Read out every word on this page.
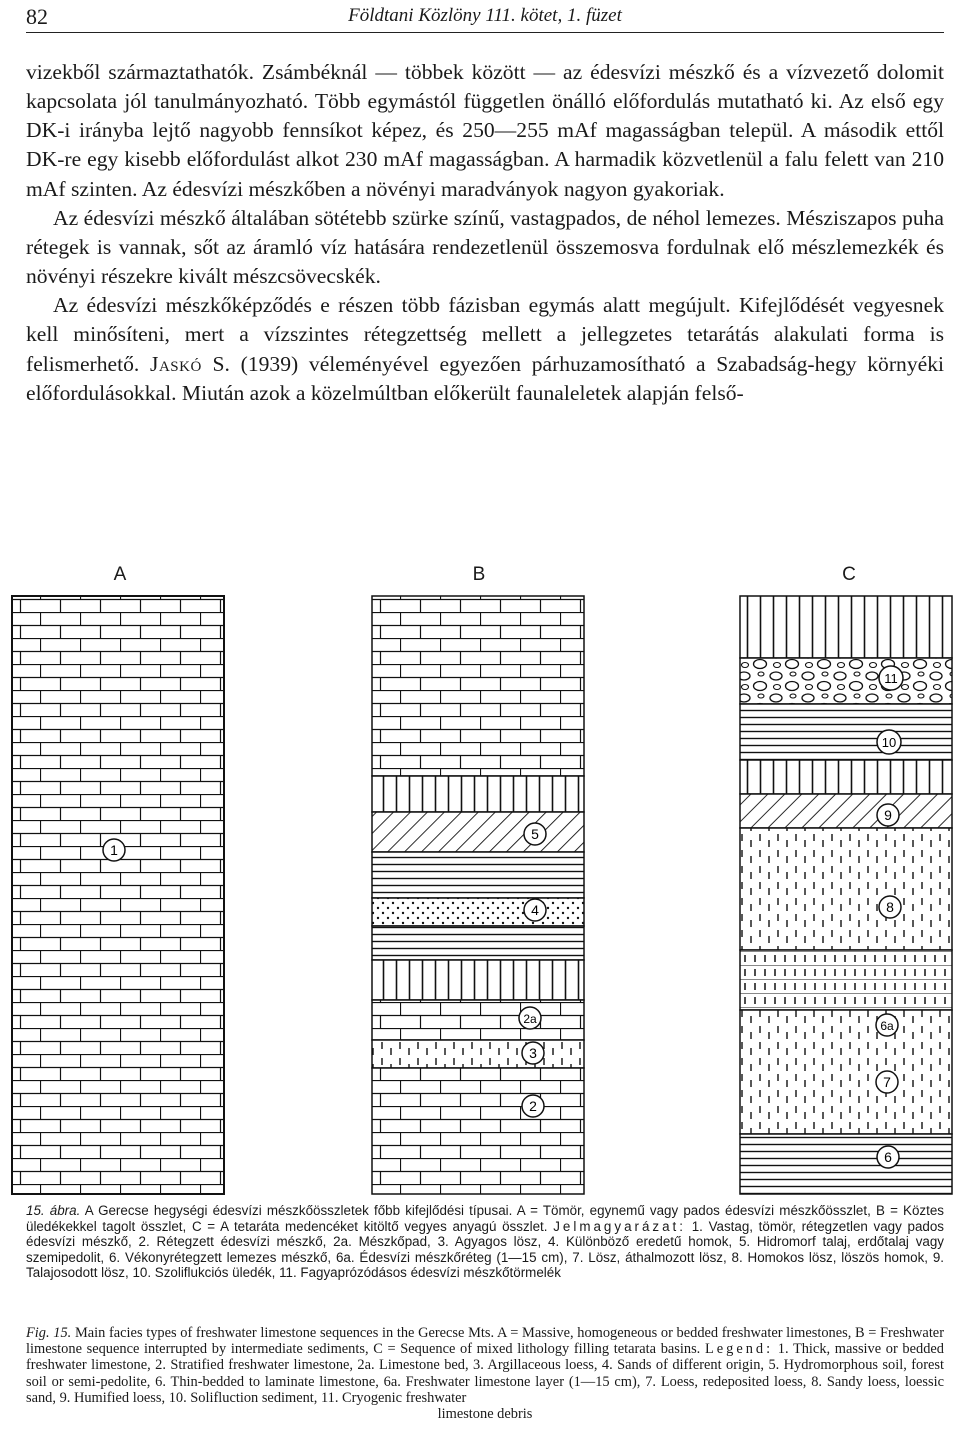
82	Földtani Közlöny 111. kötet, 1. füzet

vizekből származtathatók. Zsámbéknál — többek között — az édesvízi mészkő és a vízvezető dolomit kapcsolata jól tanulmányozható. Több egymástól független önálló előfordulás mutatható ki. Az első egy DK-i irányba lejtő nagyobb fennsíkot képez, és 250—255 mAf magasságban települ. A második ettől DK-re egy kisebb előfordulást alkot 230 mAf magasságban. A harmadik közvetlenül a falu felett van 210 mAf szinten. Az édesvízi mészkőben a növényi maradványok nagyon gyakoriak.

Az édesvízi mészkő általában sötétebb szürke színű, vastagpados, de néhol lemezes. Mésziszapos puha rétegek is vannak, sőt az áramló víz hatására rendezetlenül összemosva fordulnak elő mészlemezkék és növényi részekre kivált mészcsövecskék.

Az édesvízi mészkőképződés e részen több fázisban egymás alatt megújult. Kifejlődését vegyesnek kell minősíteni, mert a vízszintes rétegzettség mellett a jellegzetes tetarátás alakulati forma is felismerhető. Jaskó S. (1939) véleményével egyezően párhuzamosítható a Szabadság-hegy környéki előfordulásokkal. Miután azok a közelmúltban előkerült faunaleletek alapján felső-

A	B	C
1
5
4
2a
3
2
11
10
9
8
6a
7
6

15. ábra. A Gerecse hegységi édesvízi mészkőösszletek főbb kifejlődési típusai. A = Tömör, egynemű vagy pados édesvízi mészkőösszlet, B = Köztes üledékekkel tagolt összlet, C = A tetaráta medencéket kitöltő vegyes anyagú összlet. Jelmagyarázat: 1. Vastag, tömör, rétegzetlen vagy pados édesvízi mészkő, 2. Rétegzett édesvízi mészkő, 2a. Mészkőpad, 3. Agyagos lösz, 4. Különböző eredetű homok, 5. Hidromorf talaj, erdőtalaj vagy szemipedolit, 6. Vékonyrétegzett lemezes mészkő, 6a. Édesvízi mészkőréteg (1—15 cm), 7. Lösz, áthalmozott lösz, 8. Homokos lösz, löszös homok, 9. Talajosodott lösz, 10. Szoliflukciós üledék, 11. Fagyaprózódásos édesvízi mészkőtörmelék

Fig. 15. Main facies types of freshwater limestone sequences in the Gerecse Mts. A = Massive, homogeneous or bedded freshwater limestones, B = Freshwater limestone sequence interrupted by intermediate sediments, C = Sequence of mixed lithology filling tetarata basins. Legend: 1. Thick, massive or bedded freshwater limestone, 2. Stratified freshwater limestone, 2a. Limestone bed, 3. Argillaceous loess, 4. Sands of different origin, 5. Hydromorphous soil, forest soil or semi-pedolite, 6. Thin-bedded to laminate limestone, 6a. Freshwater limestone layer (1—15 cm), 7. Loess, redeposited loess, 8. Sandy loess, loessic sand, 9. Humified loess, 10. Solifluction sediment, 11. Cryogenic freshwater
limestone debris
